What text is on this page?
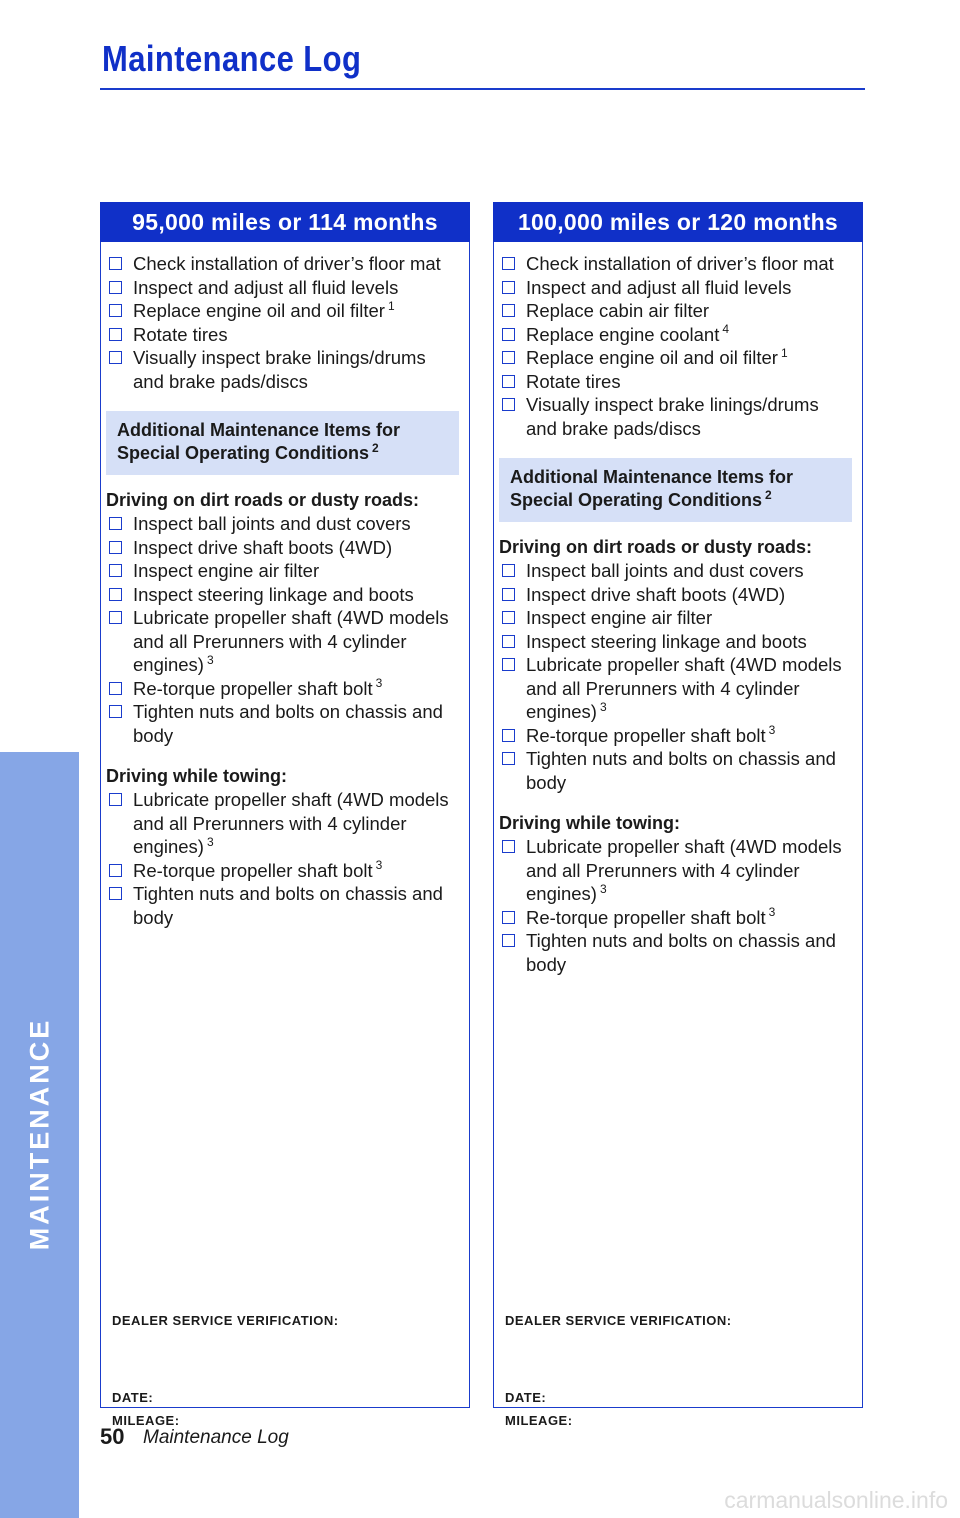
Maintenance Log
MAINTENANCE
95,000 miles or 114 months
Check installation of driver’s floor mat
Inspect and adjust all fluid levels
Replace engine oil and oil filter $^1$
Rotate tires
Visually inspect brake linings/drums and brake pads/discs
Additional Maintenance Items for
Special Operating Conditions $^2$
Driving on dirt roads or dusty roads:
Inspect ball joints and dust covers
Inspect drive shaft boots (4WD)
Inspect engine air filter
Inspect steering linkage and boots
Lubricate propeller shaft (4WD models and all Prerunners with 4 cylinder engines) $^3$
Re-torque propeller shaft bolt $^3$
Tighten nuts and bolts on chassis and body
Driving while towing:
Lubricate propeller shaft (4WD models and all Prerunners with 4 cylinder engines) $^3$
Re-torque propeller shaft bolt $^3$
Tighten nuts and bolts on chassis and body
DEALER SERVICE VERIFICATION:
DATE:
MILEAGE:
100,000 miles or 120 months
Check installation of driver’s floor mat
Inspect and adjust all fluid levels
Replace cabin air filter
Replace engine coolant $^4$
Replace engine oil and oil filter $^1$
Rotate tires
Visually inspect brake linings/drums and brake pads/discs
Additional Maintenance Items for
Special Operating Conditions $^2$
Driving on dirt roads or dusty roads:
Inspect ball joints and dust covers
Inspect drive shaft boots (4WD)
Inspect engine air filter
Inspect steering linkage and boots
Lubricate propeller shaft (4WD models and all Prerunners with 4 cylinder engines) $^3$
Re-torque propeller shaft bolt $^3$
Tighten nuts and bolts on chassis and body
Driving while towing:
Lubricate propeller shaft (4WD models and all Prerunners with 4 cylinder engines) $^3$
Re-torque propeller shaft bolt $^3$
Tighten nuts and bolts on chassis and body
DEALER SERVICE VERIFICATION:
DATE:
MILEAGE:
50 Maintenance Log
carmanualsonline.info
